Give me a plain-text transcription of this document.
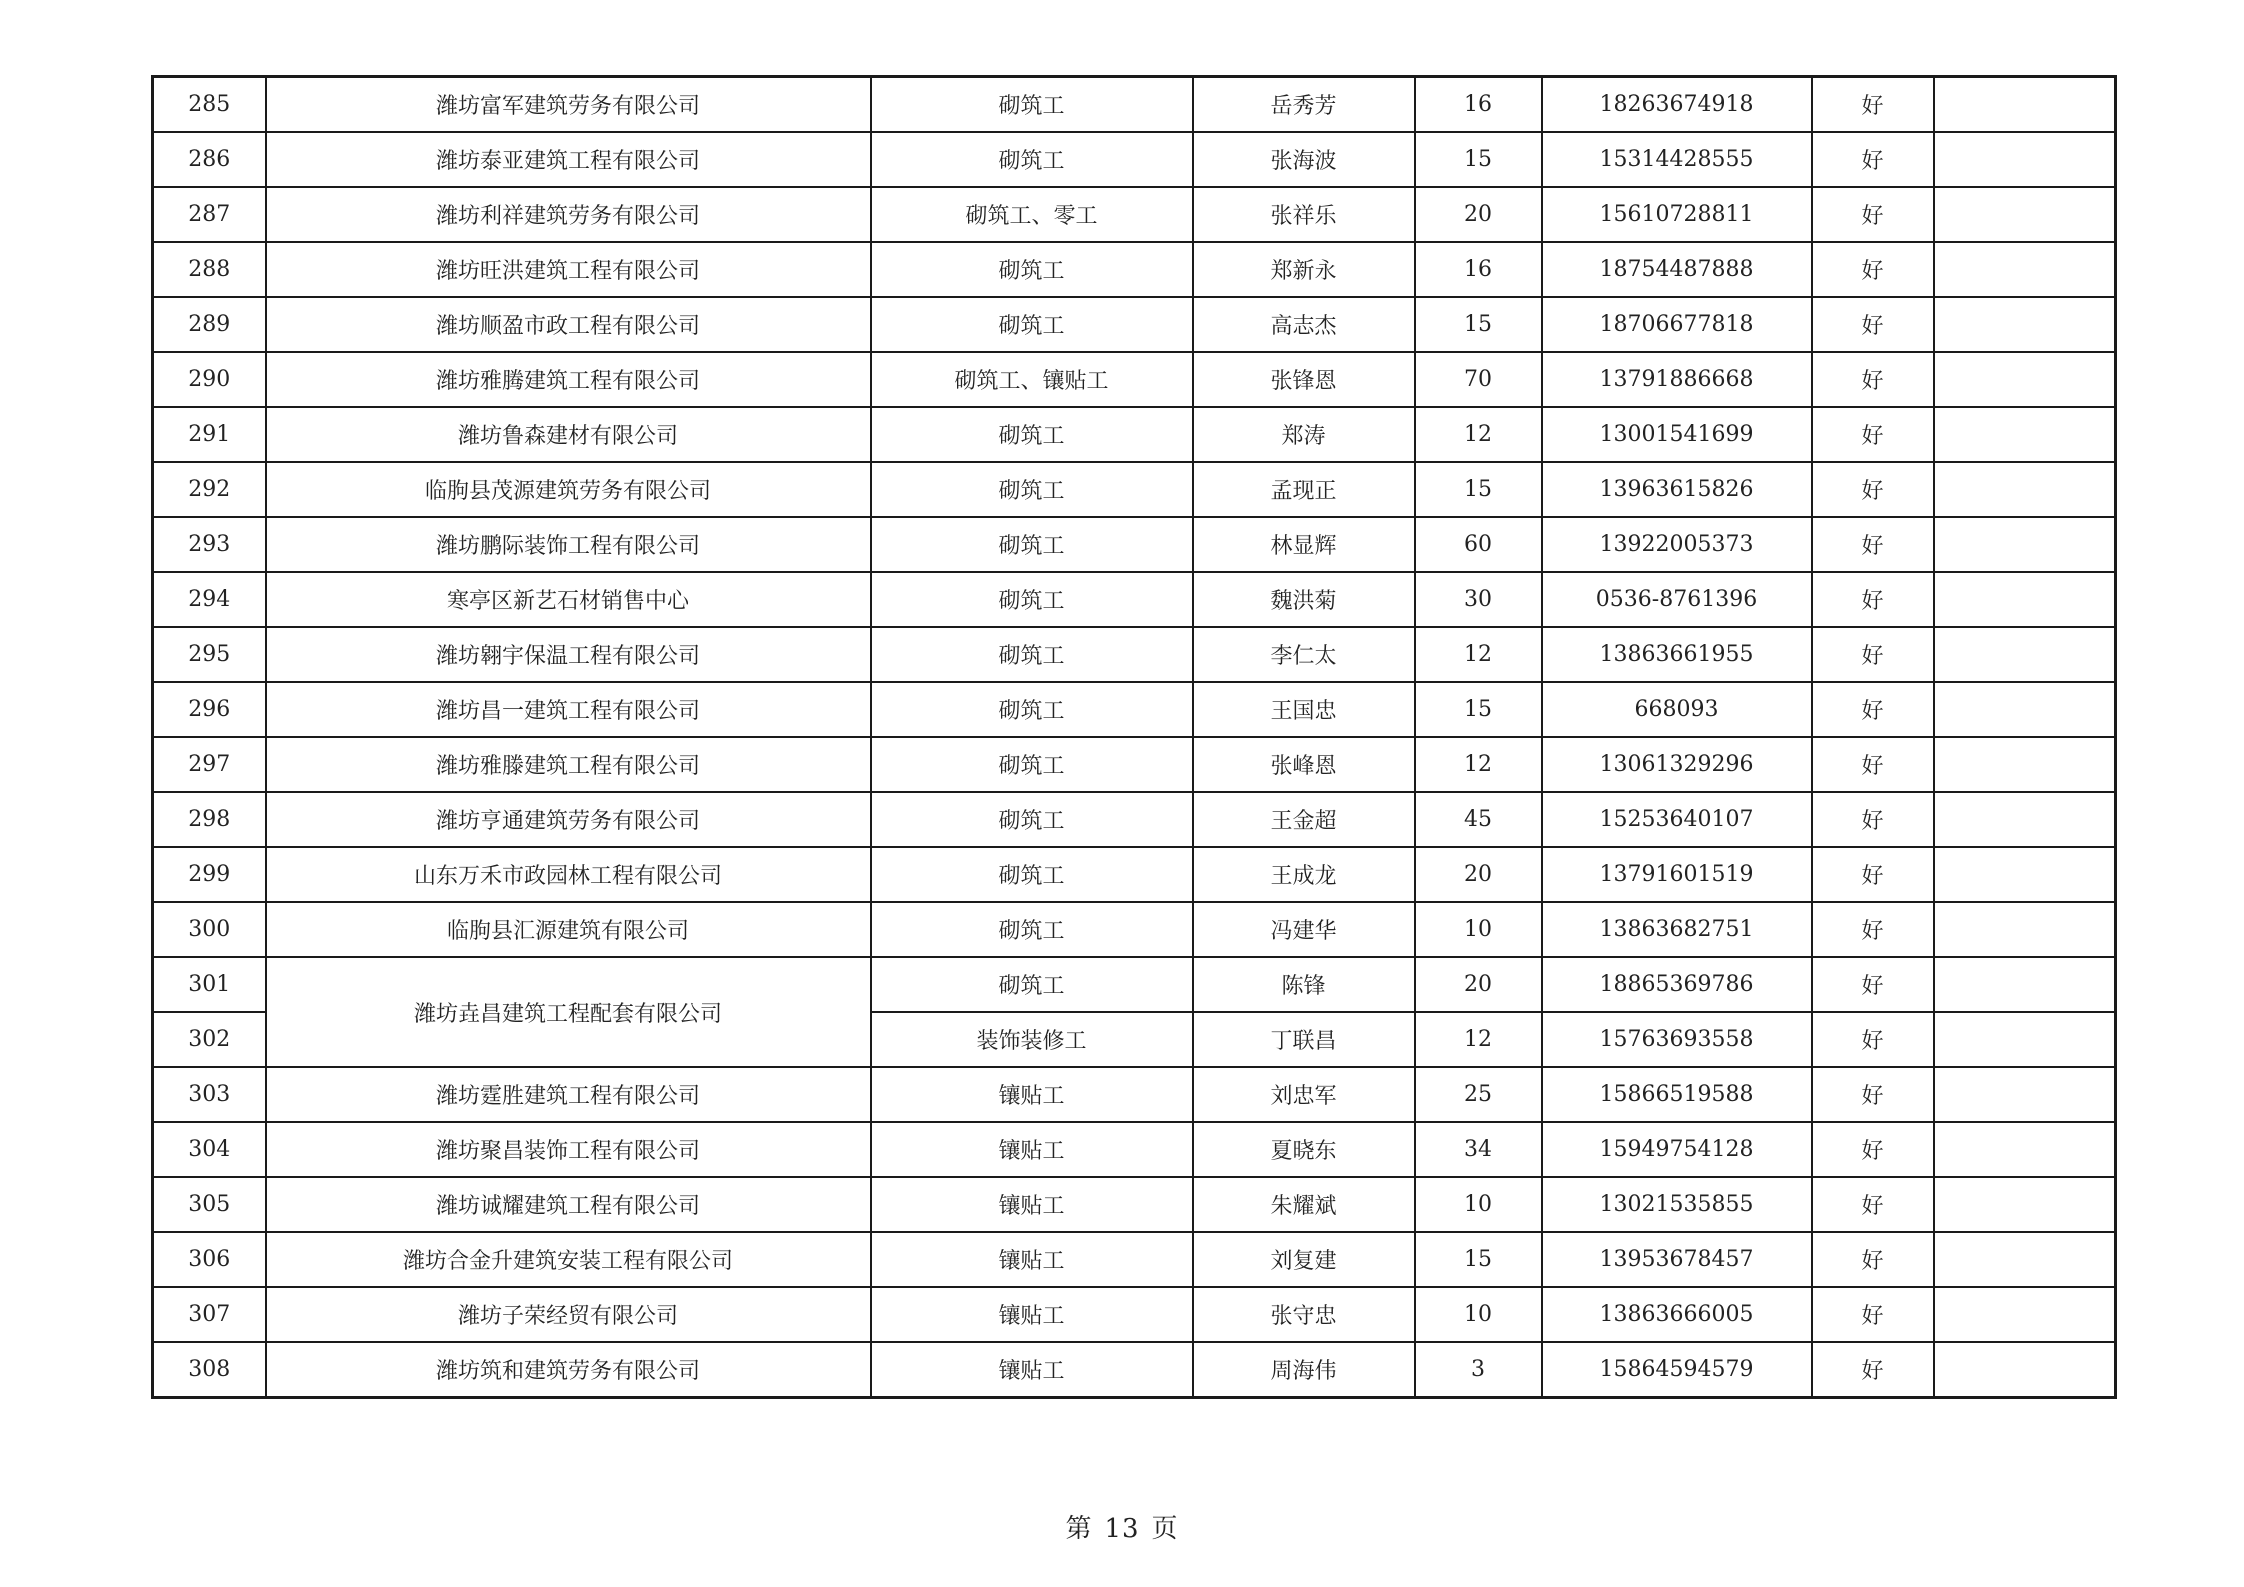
285	潍坊富军建筑劳务有限公司	砌筑工	岳秀芳	16	18263674918	好	
286	潍坊泰亚建筑工程有限公司	砌筑工	张海波	15	15314428555	好	
287	潍坊利祥建筑劳务有限公司	砌筑工、零工	张祥乐	20	15610728811	好	
288	潍坊旺洪建筑工程有限公司	砌筑工	郑新永	16	18754487888	好	
289	潍坊顺盈市政工程有限公司	砌筑工	高志杰	15	18706677818	好	
290	潍坊雅腾建筑工程有限公司	砌筑工、镶贴工	张锋恩	70	13791886668	好	
291	潍坊鲁森建材有限公司	砌筑工	郑涛	12	13001541699	好	
292	临朐县茂源建筑劳务有限公司	砌筑工	孟现正	15	13963615826	好	
293	潍坊鹏际装饰工程有限公司	砌筑工	林显辉	60	13922005373	好	
294	寒亭区新艺石材销售中心	砌筑工	魏洪菊	30	0536-8761396	好	
295	潍坊翱宇保温工程有限公司	砌筑工	李仁太	12	13863661955	好	
296	潍坊昌一建筑工程有限公司	砌筑工	王国忠	15	668093	好	
297	潍坊雅滕建筑工程有限公司	砌筑工	张峰恩	12	13061329296	好	
298	潍坊亨通建筑劳务有限公司	砌筑工	王金超	45	15253640107	好	
299	山东万禾市政园林工程有限公司	砌筑工	王成龙	20	13791601519	好	
300	临朐县汇源建筑有限公司	砌筑工	冯建华	10	13863682751	好	
301	潍坊垚昌建筑工程配套有限公司	砌筑工	陈锋	20	18865369786	好	
302		装饰装修工	丁联昌	12	15763693558	好	
303	潍坊霆胜建筑工程有限公司	镶贴工	刘忠军	25	15866519588	好	
304	潍坊聚昌装饰工程有限公司	镶贴工	夏晓东	34	15949754128	好	
305	潍坊诚耀建筑工程有限公司	镶贴工	朱耀斌	10	13021535855	好	
306	潍坊合金升建筑安装工程有限公司	镶贴工	刘复建	15	13953678457	好	
307	潍坊子荣经贸有限公司	镶贴工	张守忠	10	13863666005	好	
308	潍坊筑和建筑劳务有限公司	镶贴工	周海伟	3	15864594579	好	
第 13 页
